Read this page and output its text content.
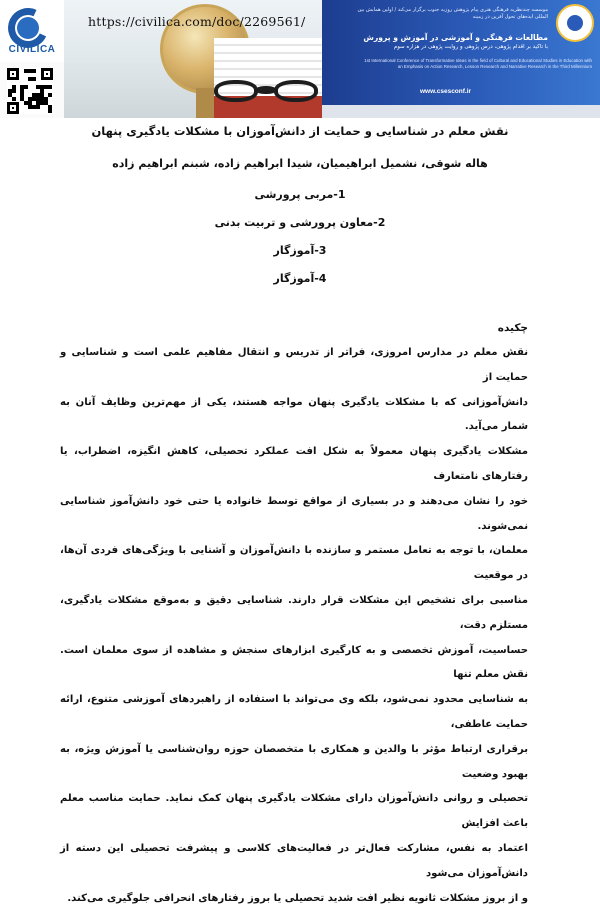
موسسه چندنظریه فرهنگی هنری پیام پژوهش روزبه جنوب برگزار می‌کند / اولین همایش بین المللی ایده‌های تحول آفرین در زمینه
مطالعات فرهنگی و آموزشی در آموزش و پرورش
با تاکید بر اقدام پژوهی، درس پژوهی و روایت پژوهی در هزاره سوم
1st International Conference of Transformative Ideas in the field of Cultural and Educational Studies in Education with an Emphasis on Action Research, Lesson Research and Narrative Research in the Third Millennium
www.csesconf.ir
CIVILICA
https://civilica.com/doc/2269561/
نقش معلم در شناسایی و حمایت از دانش‌آموزان با مشکلات یادگیری پنهان
هاله شوقی، نشمیل ابراهیمیان، شیدا ابراهیم زاده، شبنم ابراهیم زاده
1-مربی پرورشی
2-معاون پرورشی و تربیت بدنی
3-آموزگار
4-آموزگار
چکیده
نقش معلم در مدارس امروزی، فراتر از تدریس و انتقال مفاهیم علمی است و شناسایی و حمایت از
دانش‌آموزانی که با مشکلات یادگیری پنهان مواجه هستند، یکی از مهم‌ترین وظایف آنان به شمار می‌آید.
مشکلات یادگیری پنهان معمولاً به شکل افت عملکرد تحصیلی، کاهش انگیزه، اضطراب، یا رفتارهای نامتعارف
خود را نشان می‌دهند و در بسیاری از مواقع توسط خانواده یا حتی خود دانش‌آموز شناسایی نمی‌شوند.
معلمان، با توجه به تعامل مستمر و سازنده با دانش‌آموزان و آشنایی با ویژگی‌های فردی آن‌ها، در موقعیت
مناسبی برای تشخیص این مشکلات قرار دارند. شناسایی دقیق و به‌موقع مشکلات یادگیری، مستلزم دقت،
حساسیت، آموزش تخصصی و به کارگیری ابزارهای سنجش و مشاهده از سوی معلمان است. نقش معلم تنها
به شناسایی محدود نمی‌شود، بلکه وی می‌تواند با استفاده از راهبردهای آموزشی متنوع، ارائه حمایت عاطفی،
برقراری ارتباط مؤثر با والدین و همکاری با متخصصان حوزه روان‌شناسی یا آموزش ویژه، به بهبود وضعیت
تحصیلی و روانی دانش‌آموزان دارای مشکلات یادگیری پنهان کمک نماید. حمایت مناسب معلم باعث افزایش
اعتماد به نفس، مشارکت فعال‌تر در فعالیت‌های کلاسی و پیشرفت تحصیلی این دسته از دانش‌آموزان می‌شود
و از بروز مشکلات ثانویه نظیر افت شدید تحصیلی یا بروز رفتارهای انحرافی جلوگیری می‌کند.
